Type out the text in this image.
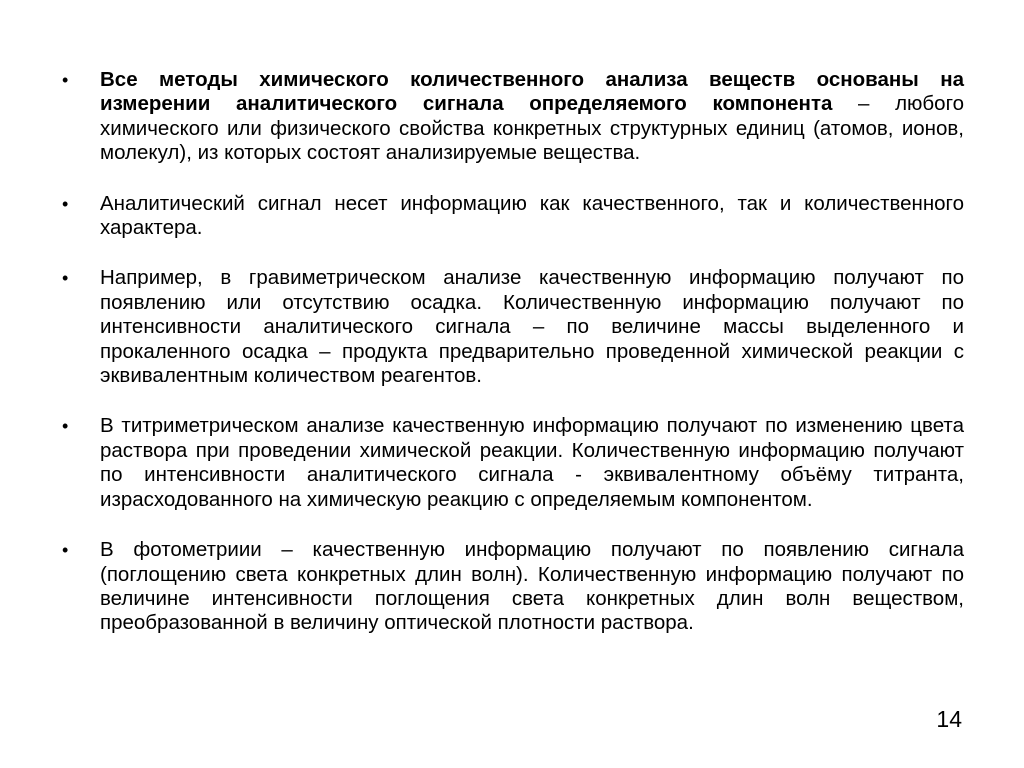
• Все методы химического количественного анализа веществ основаны на измерении аналитического сигнала определяемого компонента – любого химического или физического свойства конкретных структурных единиц (атомов, ионов, молекул), из которых состоят анализируемые вещества.
• Аналитический сигнал несет информацию как качественного, так и количественного характера.
• Например, в гравиметрическом анализе качественную информацию получают по появлению или отсутствию осадка. Количественную информацию получают по интенсивности аналитического сигнала – по величине массы выделенного и прокаленного осадка – продукта предварительно проведенной химической реакции с эквивалентным количеством реагентов.
• В титриметрическом анализе качественную информацию получают по изменению цвета раствора при проведении химической реакции. Количественную информацию получают по интенсивности аналитического сигнала - эквивалентному объёму титранта, израсходованного на химическую реакцию с определяемым компонентом.
• В фотометриии – качественную информацию получают по появлению сигнала (поглощению света конкретных длин волн). Количественную информацию получают по величине интенсивности поглощения света конкретных длин волн веществом, преобразованной в величину оптической плотности раствора.
14
